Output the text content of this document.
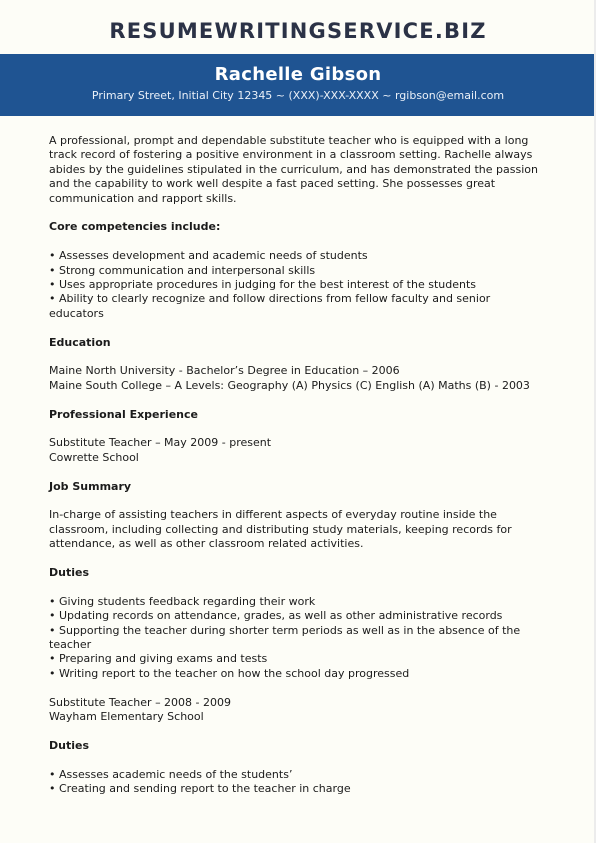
RESUMEWRITINGSERVICE.BIZ
Rachelle Gibson
Primary Street, Initial City 12345 ~ (XXX)-XXX-XXXX ~ rgibson@email.com

A professional, prompt and dependable substitute teacher who is equipped with a long

track record of fostering a positive environment in a classroom setting. Rachelle always

abides by the guidelines stipulated in the curriculum, and has demonstrated the passion

and the capability to work well despite a fast paced setting. She possesses great

communication and rapport skills.

Core competencies include:

• Assesses development and academic needs of students

• Strong communication and interpersonal skills

• Uses appropriate procedures in judging for the best interest of the students

• Ability to clearly recognize and follow directions from fellow faculty and senior

educators

Education

Maine North University - Bachelor’s Degree in Education – 2006

Maine South College – A Levels: Geography (A) Physics (C) English (A) Maths (B) - 2003

Professional Experience

Substitute Teacher – May 2009 - present

Cowrette School

Job Summary

In-charge of assisting teachers in different aspects of everyday routine inside the

classroom, including collecting and distributing study materials, keeping records for

attendance, as well as other classroom related activities.

Duties

• Giving students feedback regarding their work

• Updating records on attendance, grades, as well as other administrative records

• Supporting the teacher during shorter term periods as well as in the absence of the

teacher

• Preparing and giving exams and tests

• Writing report to the teacher on how the school day progressed

Substitute Teacher – 2008 - 2009

Wayham Elementary School

Duties

• Assesses academic needs of the students’

• Creating and sending report to the teacher in charge
